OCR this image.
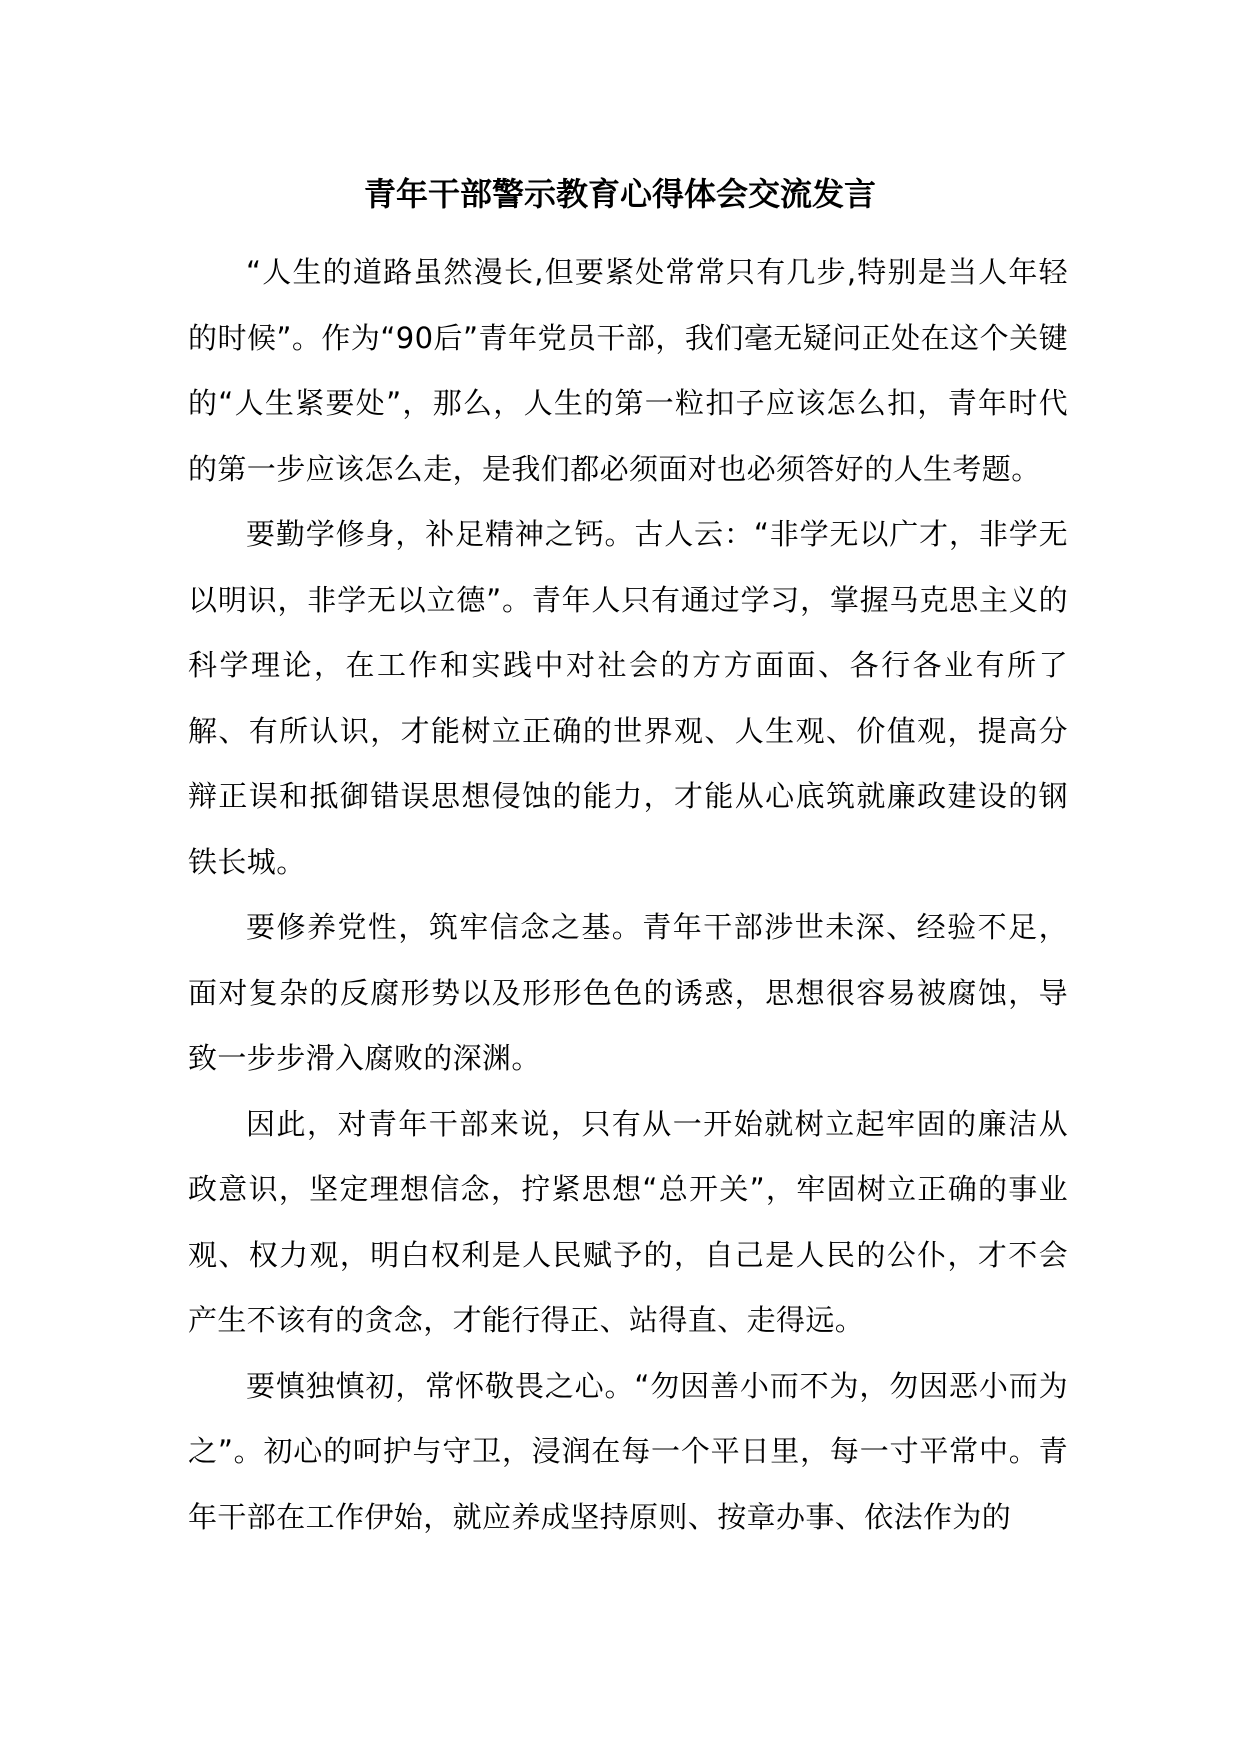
青年干部警示教育心得体会交流发言

“人生的道路虽然漫长,但要紧处常常只有几步,特别是当人年轻的时候”。作为“90后”青年党员干部，我们毫无疑问正处在这个关键的“人生紧要处”，那么，人生的第一粒扣子应该怎么扣，青年时代的第一步应该怎么走，是我们都必须面对也必须答好的人生考题。

要勤学修身，补足精神之钙。古人云：“非学无以广才，非学无以明识，非学无以立德”。青年人只有通过学习，掌握马克思主义的科学理论，在工作和实践中对社会的方方面面、各行各业有所了解、有所认识，才能树立正确的世界观、人生观、价值观，提高分辩正误和抵御错误思想侵蚀的能力，才能从心底筑就廉政建设的钢铁长城。

要修养党性，筑牢信念之基。青年干部涉世未深、经验不足，面对复杂的反腐形势以及形形色色的诱惑，思想很容易被腐蚀，导致一步步滑入腐败的深渊。

因此，对青年干部来说，只有从一开始就树立起牢固的廉洁从政意识，坚定理想信念，拧紧思想“总开关”，牢固树立正确的事业观、权力观，明白权利是人民赋予的，自己是人民的公仆，才不会产生不该有的贪念，才能行得正、站得直、走得远。

要慎独慎初，常怀敬畏之心。“勿因善小而不为，勿因恶小而为之”。初心的呵护与守卫，浸润在每一个平日里，每一寸平常中。青年干部在工作伊始，就应养成坚持原则、按章办事、依法作为的
